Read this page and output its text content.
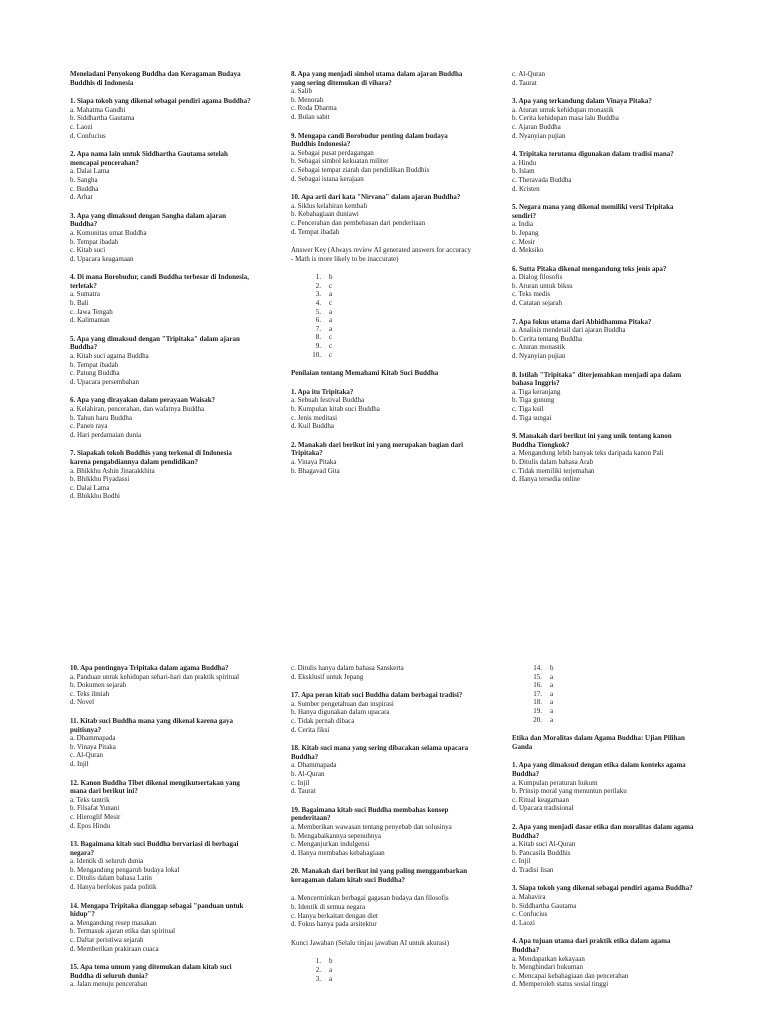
Meneladani Penyokong Buddha dan Keragaman Budaya Buddhis di Indonesia
1. Siapa tokoh yang dikenal sebagai pendiri agama Buddha?
a. Mahatma Gandhi
b. Siddhartha Gautama
c. Laozi
d. Confucius
2. Apa nama lain untuk Siddhartha Gautama setelah mencapai pencerahan?
a. Dalai Lama
b. Sangha
c. Buddha
d. Arhat
3. Apa yang dimaksud dengan Sangha dalam ajaran Buddha?
a. Komunitas umat Buddha
b. Tempat ibadah
c. Kitab suci
d. Upacara keagamaan
4. Di mana Borobudur, candi Buddha terbesar di Indonesia, terletak?
a. Sumatra
b. Bali
c. Jawa Tengah
d. Kalimantan
5. Apa yang dimaksud dengan "Tripitaka" dalam ajaran Buddha?
a. Kitab suci agama Buddha
b. Tempat ibadah
c. Patung Buddha
d. Upacara persembahan
6. Apa yang dirayakan dalam perayaan Waisak?
a. Kelahiran, pencerahan, dan wafatnya Buddha
b. Tahun baru Buddha
c. Panen raya
d. Hari perdamaian dunia
7. Siapakah tokoh Buddhis yang terkenal di Indonesia karena pengabdiannya dalam pendidikan?
a. Bhikkhu Ashin Jinarakkhita
b. Bhikkhu Piyadassi
c. Dalai Lama
d. Bhikkhu Bodhi
8. Apa yang menjadi simbol utama dalam ajaran Buddha yang sering ditemukan di vihara?
a. Salib
b. Menorah
c. Roda Dharma
d. Bulan sabit
9. Mengapa candi Borobudur penting dalam budaya Buddhis Indonesia?
a. Sebagai pusat perdagangan
b. Sebagai simbol kekuatan militer
c. Sebagai tempat ziarah dan pendidikan Buddhis
d. Sebagai istana kerajaan
10. Apa arti dari kata "Nirvana" dalam ajaran Buddha?
a. Siklus kelahiran kembali
b. Kebahagiaan duniawi
c. Pencerahan dan pembebasan dari penderitaan
d. Tempat ibadah
Answer Key (Always review AI generated answers for accuracy - Math is more likely to be inaccurate)
1.	b
2.	c
3.	a
4.	c
5.	a
6.	a
7.	a
8.	c
9.	c
10.	c
Penilaian tentang Memahami Kitab Suci Buddha
1. Apa itu Tripitaka?
a. Sebuah festival Buddha
b. Kumpulan kitab suci Buddha
c. Jenis meditasi
d. Kuil Buddha
2. Manakah dari berikut ini yang merupakan bagian dari Tripitaka?
a. Vinaya Pitaka
b. Bhagavad Gita
c. Al-Quran
d. Taurat
3. Apa yang terkandung dalam Vinaya Pitaka?
a. Aturan untuk kehidupan monastik
b. Cerita kehidupan masa lalu Buddha
c. Ajaran Buddha
d. Nyanyian pujian
4. Tripitaka terutama digunakan dalam tradisi mana?
a. Hindu
b. Islam
c. Theravada Buddha
d. Kristen
5. Negara mana yang dikenal memiliki versi Tripitaka sendiri?
a. India
b. Jepang
c. Mesir
d. Meksiko
6. Sutta Pitaka dikenal mengandung teks jenis apa?
a. Dialog filosofis
b. Aturan untuk biksu
c. Teks medis
d. Catatan sejarah
7. Apa fokus utama dari Abhidhamma Pitaka?
a. Analisis mendetail dari ajaran Buddha
b. Cerita tentang Buddha
c. Aturan monastik
d. Nyanyian pujian
8. Istilah "Tripitaka" diterjemahkan menjadi apa dalam bahasa Inggris?
a. Tiga keranjang
b. Tiga gunung
c. Tiga kuil
d. Tiga sungai
9. Manakah dari berikut ini yang unik tentang kanon Buddha Tiongkok?
a. Mengandung lebih banyak teks daripada kanon Pali
b. Ditulis dalam bahasa Arab
c. Tidak memiliki terjemahan
d. Hanya tersedia online
10. Apa pentingnya Tripitaka dalam agama Buddha?
a. Panduan untuk kehidupan sehari-hari dan praktik spiritual
b. Dokumen sejarah
c. Teks ilmiah
d. Novel
11. Kitab suci Buddha mana yang dikenal karena gaya puitisnya?
a. Dhammapada
b. Vinaya Pitaka
c. Al-Quran
d. Injil
12. Kanon Buddha Tibet dikenal mengikutsertakan yang mana dari berikut ini?
a. Teks tantrik
b. Filsafat Yunani
c. Hieroglif Mesir
d. Epos Hindu
13. Bagaimana kitab suci Buddha bervariasi di berbagai negara?
a. Identik di seluruh dunia
b. Mengandung pengaruh budaya lokal
c. Ditulis dalam bahasa Latin
d. Hanya berfokus pada politik
14. Mengapa Tripitaka dianggap sebagai "panduan untuk hidup"?
a. Mengandung resep masakan
b. Termasuk ajaran etika dan spiritual
c. Daftar peristiwa sejarah
d. Memberikan prakiraan cuaca
15. Apa tema umum yang ditemukan dalam kitab suci Buddha di seluruh dunia?
a. Jalan menuju pencerahan
c. Ditulis hanya dalam bahasa Sanskerta
d. Eksklusif untuk Jepang
17. Apa peran kitab suci Buddha dalam berbagai tradisi?
a. Sumber pengetahuan dan inspirasi
b. Hanya digunakan dalam upacara
c. Tidak pernah dibaca
d. Cerita fiksi
18. Kitab suci mana yang sering dibacakan selama upacara Buddha?
a. Dhammapada
b. Al-Quran
c. Injil
d. Taurat
19. Bagaimana kitab suci Buddha membahas konsep penderitaan?
a. Memberikan wawasan tentang penyebab dan solusinya
b. Mengabaikannya sepenuhnya
c. Menganjurkan indulgensi
d. Hanya membahas kebahagiaan
20. Manakah dari berikut ini yang paling menggambarkan keragaman dalam kitab suci Buddha?
a. Mencerminkan berbagai gagasan budaya dan filosofis
b. Identik di semua negara
c. Hanya berkaitan dengan diet
d. Fokus hanya pada arsitektur
Kunci Jawaban (Selalu tinjau jawaban AI untuk akurasi)
1.	b
2.	a
3.	a
14.	b
15.	a
16.	a
17.	a
18.	a
19.	a
20.	a
Etika dan Moralitas dalam Agama Buddha: Ujian Pilihan Ganda
1. Apa yang dimaksud dengan etika dalam konteks agama Buddha?
a. Kumpulan peraturan hukum
b. Prinsip moral yang menuntun perilaku
c. Ritual keagamaan
d. Upacara tradisional
2. Apa yang menjadi dasar etika dan moralitas dalam agama Buddha?
a. Kitab suci Al-Quran
b. Pancasila Buddhis
c. Injil
d. Tradisi lisan
3. Siapa tokoh yang dikenal sebagai pendiri agama Buddha?
a. Mahavira
b. Siddhartha Gautama
c. Confucius
d. Laozi
4. Apa tujuan utama dari praktik etika dalam agama Buddha?
a. Mendapatkan kekayaan
b. Menghindari hukuman
c. Mencapai kebahagiaan dan pencerahan
d. Memperoleh status sosial tinggi
